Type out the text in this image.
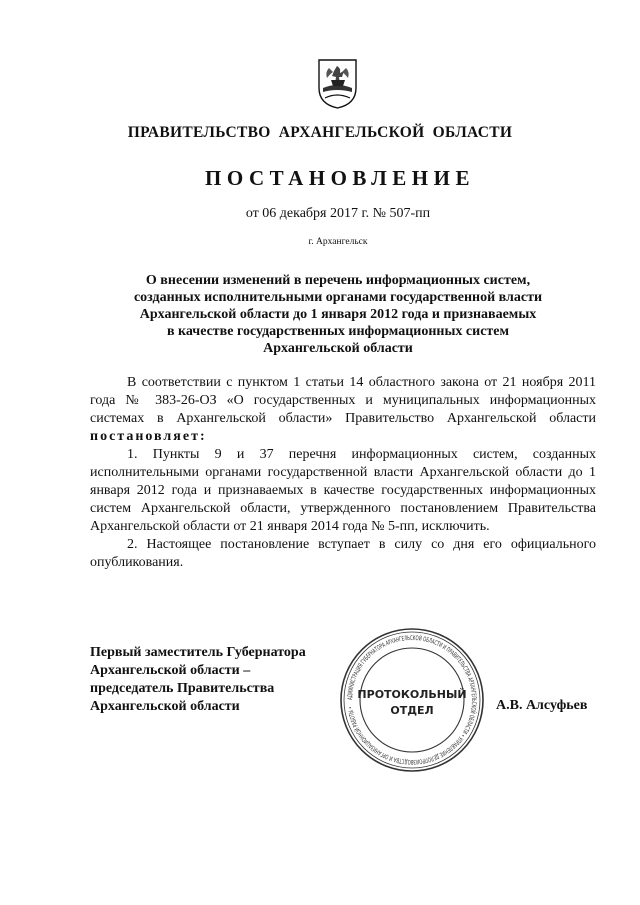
ПРАВИТЕЛЬСТВО АРХАНГЕЛЬСКОЙ ОБЛАСТИ
ПОСТАНОВЛЕНИЕ
от 06 декабря 2017 г. № 507-пп
г. Архангельск
О внесении изменений в перечень информационных систем,
созданных исполнительными органами государственной власти
Архангельской области до 1 января 2012 года и признаваемых
в качестве государственных информационных систем
Архангельской области

В соответствии с пунктом 1 статьи 14 областного закона от 21 ноября 2011 года № 383-26-ОЗ «О государственных и муниципальных информационных системах в Архангельской области» Правительство Архангельской области постановляет:

1. Пункты 9 и 37 перечня информационных систем, созданных исполнительными органами государственной власти Архангельской области до 1 января 2012 года и признаваемых в качестве государственных информационных систем Архангельской области, утвержденного постановлением Правительства Архангельской области от 21 января 2014 года № 5-пп, исключить.

2. Настоящее постановление вступает в силу со дня его официального опубликования.

Первый заместитель Губернатора
Архангельской области –
председатель Правительства
Архангельской области
АДМИНИСТРАЦИЯ ГУБЕРНАТОРА АРХАНГЕЛЬСКОЙ ОБЛАСТИ И ПРАВИТЕЛЬСТВА АРХАНГЕЛЬСКОЙ ОБЛАСТИ • УПРАВЛЕНИЕ ДЕЛОПРОИЗВОДСТВА И ОРГАНИЗАЦИОННОЙ РАБОТЫ •
ПРОТОКОЛЬНЫЙ
ОТДЕЛ	А.В. Алсуфьев
